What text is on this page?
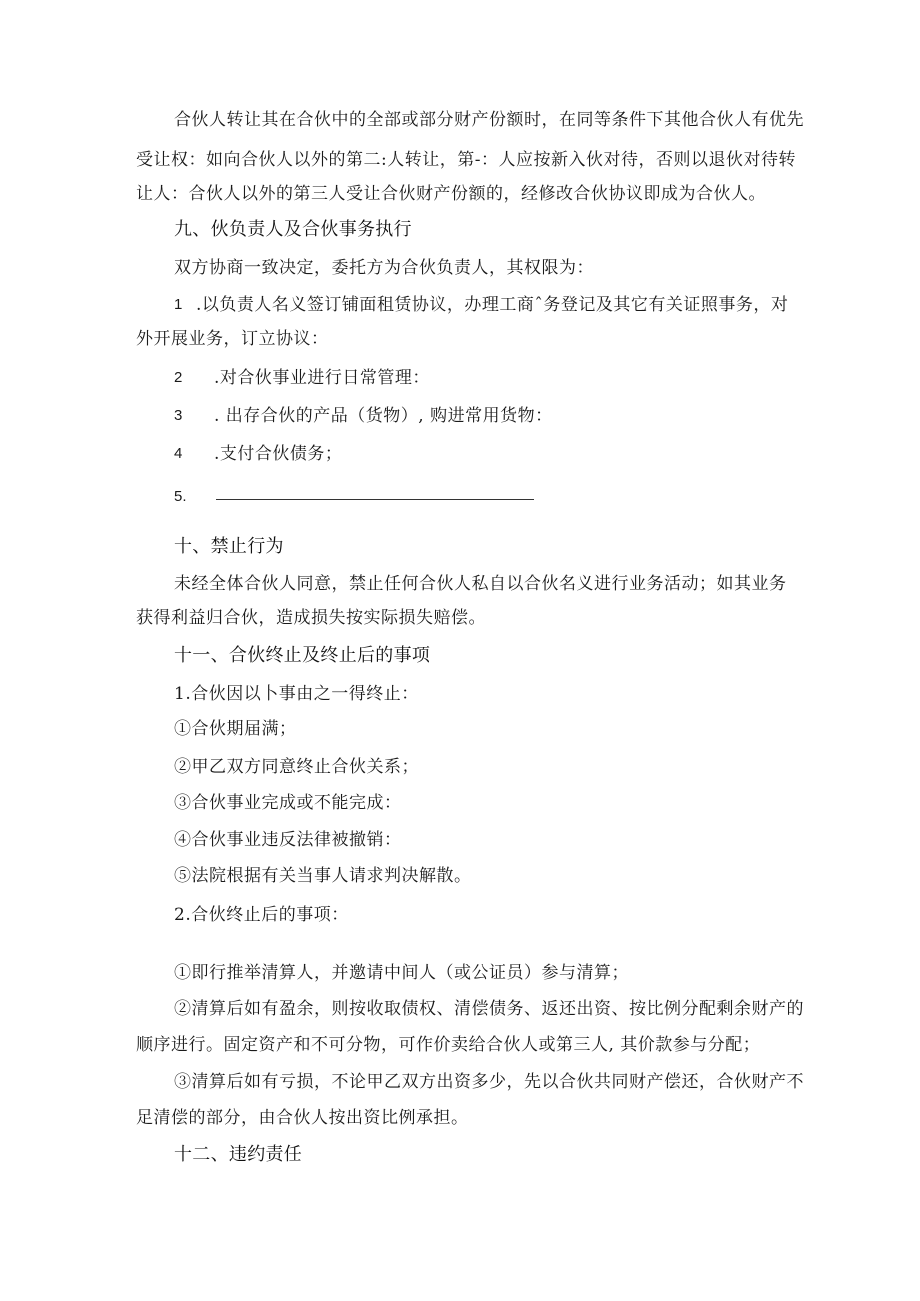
合伙人转让其在合伙中的全部或部分财产份额时，在同等条件下其他合伙人有优先
受让权：如向合伙人以外的第二:人转让，第-：人应按新入伙对待，否则以退伙对待转
让人：合伙人以外的第三人受让合伙财产份额的，经修改合伙协议即成为合伙人。
九、伙负责人及合伙事务执行
双方协商一致决定，委托方为合伙负责人，其权限为：
1 .以负责人名义签订铺面租赁协议，办理工商ˆ务登记及其它有关证照事务，对
外开展业务，订立协议：
2 .对合伙事业进行日常管理：
3 . 出存合伙的产品（货物）, 购进常用货物：
4 .支付合伙债务；
5.
十、禁止行为
未经全体合伙人同意，禁止任何合伙人私自以合伙名义进行业务活动；如其业务
获得利益归合伙，造成损失按实际损失赔偿。
十一、合伙终止及终止后的事项
1.合伙因以卜事由之一得终止：
①合伙期届满；
②甲乙双方同意终止合伙关系；
③合伙事业完成或不能完成：
④合伙事业违反法律被撤销：
⑤法院根据有关当事人请求判决解散。
2.合伙终止后的事项：
①即行推举清算人，并邀请中间人（或公证员）参与清算；
②清算后如有盈余，则按收取债权、清偿债务、返还出资、按比例分配剩余财产的
顺序进行。固定资产和不可分物，可作价卖给合伙人或第三人, 其价款参与分配；
③清算后如有亏损，不论甲乙双方出资多少，先以合伙共同财产偿还，合伙财产不
足清偿的部分，由合伙人按出资比例承担。
十二、违约责任
